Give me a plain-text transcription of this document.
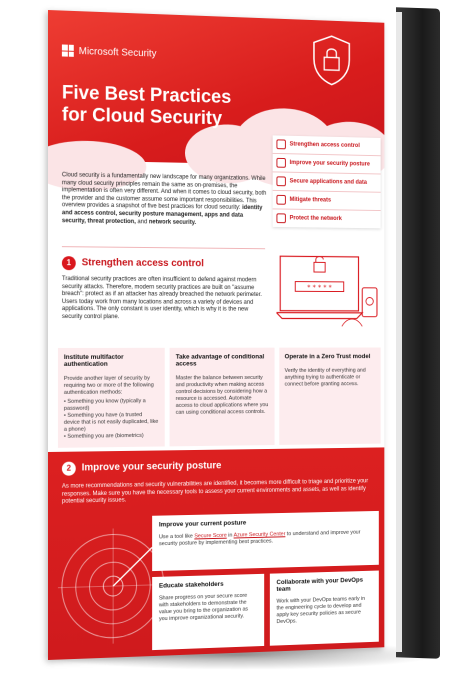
Microsoft Security
Five Best Practices for Cloud Security
Strengthen access control
Improve your security posture
Secure applications and data
Mitigate threats
Protect the network
Cloud security is a fundamentally new landscape for many organizations. While many cloud security principles remain the same as on-premises, the implementation is often very different. And when it comes to cloud security, both the provider and the customer assume some important responsibilities. This overview provides a snapshot of five best practices for cloud security: identity and access control, security posture management, apps and data security, threat protection, and network security.
1	Strengthen access control
Traditional security practices are often insufficient to defend against modern security attacks. Therefore, modern security practices are built on "assume breach": protect as if an attacker has already breached the network perimeter. Users today work from many locations and across a variety of devices and applications. The only constant is user identity, which is why it is the new security control plane.
* * * * *
Institute multifactor authentication
Provide another layer of security by requiring two or more of the following authentication methods:
• Something you know (typically a password)
• Something you have (a trusted device that is not easily duplicated, like a phone)
• Something you are (biometrics)
Take advantage of conditional access
Master the balance between security and productivity when making access control decisions by considering how a resource is accessed. Automate access to cloud applications where you can using conditional access controls.
Operate in a Zero Trust model
Verify the identity of everything and anything trying to authenticate or connect before granting access.
2	Improve your security posture
As more recommendations and security vulnerabilities are identified, it becomes more difficult to triage and prioritize your responses. Make sure you have the necessary tools to assess your current environments and assets, as well as identify potential security issues.
Improve your current posture
Use a tool like Secure Score in Azure Security Center to understand and improve your security posture by implementing best practices.
Educate stakeholders
Share progress on your secure score with stakeholders to demonstrate the value you bring to the organization as you improve organizational security.
Collaborate with your DevOps team
Work with your DevOps teams early in the engineering cycle to develop and apply key security policies as secure DevOps.
